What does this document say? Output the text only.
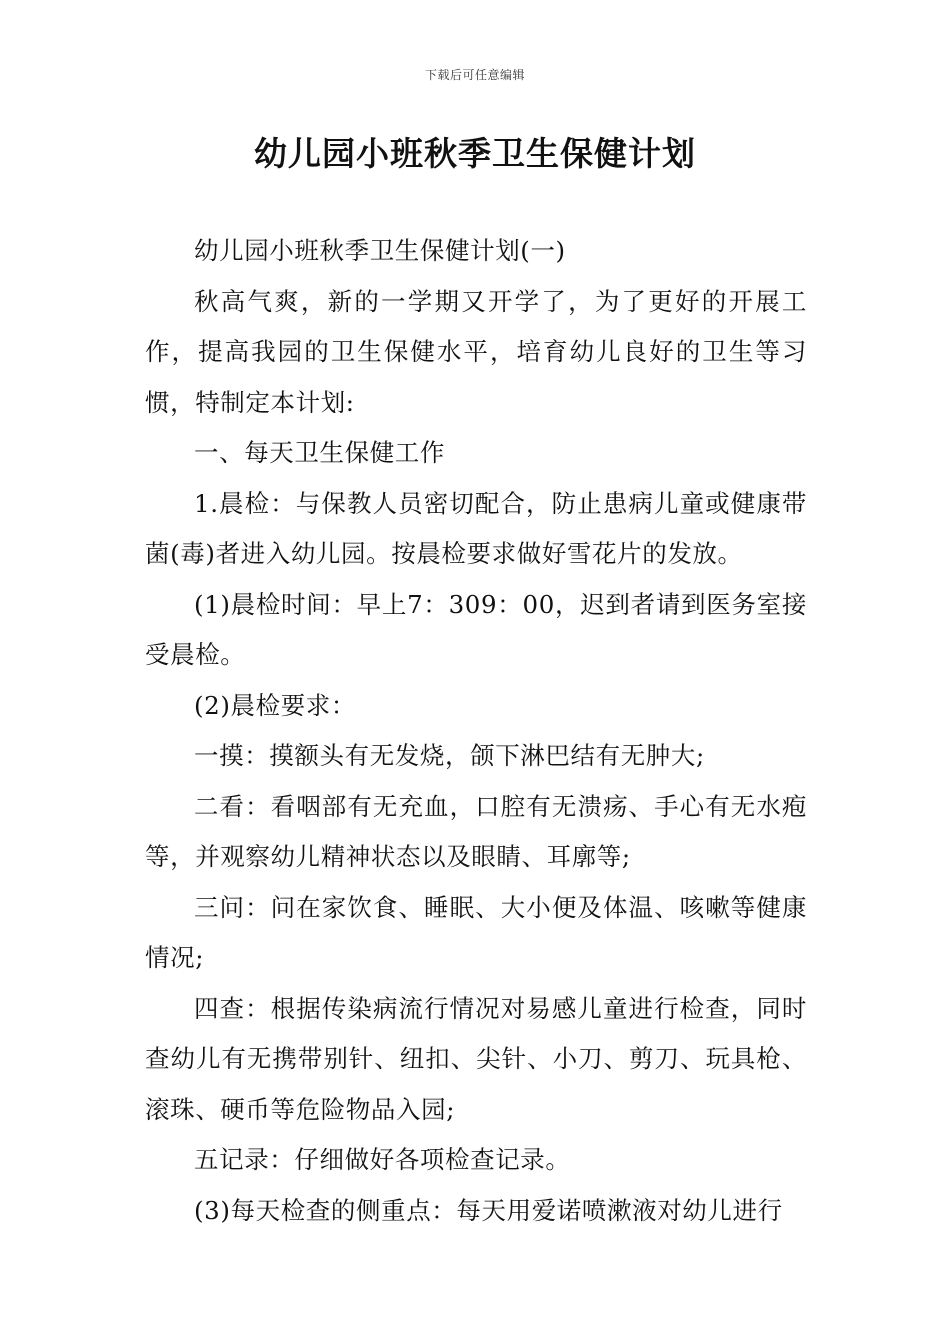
下载后可任意编辑
幼儿园小班秋季卫生保健计划

幼儿园小班秋季卫生保健计划(一)

秋高气爽，新的一学期又开学了，为了更好的开展工作，提高我园的卫生保健水平，培育幼儿良好的卫生等习惯，特制定本计划:

一、每天卫生保健工作

1.晨检：与保教人员密切配合，防止患病儿童或健康带菌(毒)者进入幼儿园。按晨检要求做好雪花片的发放。

(1)晨检时间：早上7：309：00，迟到者请到医务室接受晨检。

(2)晨检要求：

一摸：摸额头有无发烧，颌下淋巴结有无肿大;

二看：看咽部有无充血，口腔有无溃疡、手心有无水疱等，并观察幼儿精神状态以及眼睛、耳廓等;

三问：问在家饮食、睡眠、大小便及体温、咳嗽等健康情况;

四查：根据传染病流行情况对易感儿童进行检查，同时查幼儿有无携带别针、纽扣、尖针、小刀、剪刀、玩具枪、滚珠、硬币等危险物品入园;

五记录：仔细做好各项检查记录。

(3)每天检查的侧重点：每天用爱诺喷漱液对幼儿进行
